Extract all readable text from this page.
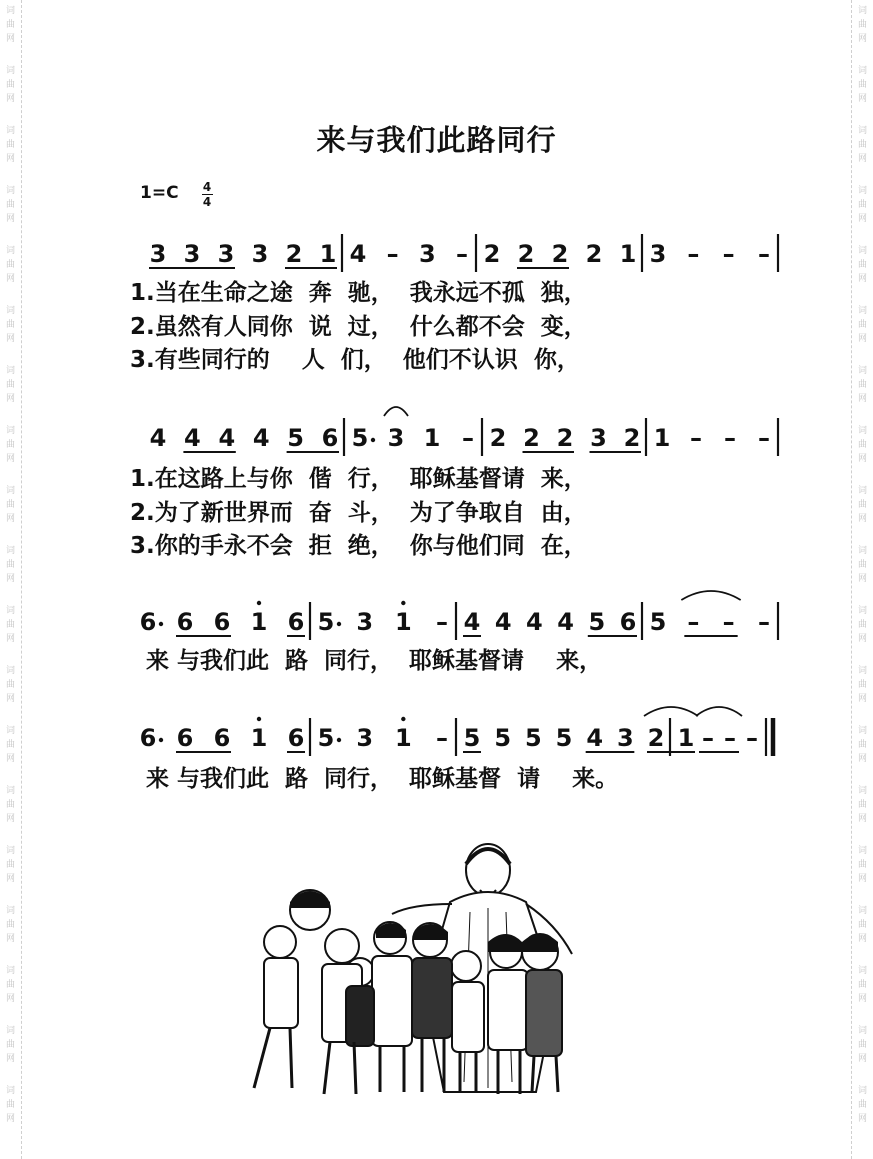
词曲网
词曲网
词曲网
词曲网
词曲网
词曲网
词曲网
词曲网
词曲网
词曲网
词曲网
词曲网
词曲网
词曲网
词曲网
词曲网
词曲网
词曲网
词曲网
词曲网
词曲网
词曲网
词曲网
词曲网
词曲网
词曲网
词曲网
词曲网
词曲网
词曲网
词曲网
词曲网
词曲网
词曲网
词曲网
词曲网
词曲网
词曲网
来与我们此路同行
1=C 4
4
3 3 3 3 2 1 4 – 3 – 2 2 2 2 1 3 – – –
1.当在生命之途  奔  驰，  我永远不孤  独，
2.虽然有人同你  说  过，  什么都不会  变，
3.有些同行的    人  们，  他们不认识  你，
4 4 4 4 5 6 5 3 1 – 2 2 2 3 2 1 – – –
1.在这路上与你  偕  行，  耶稣基督请  来，
2.为了新世界而  奋  斗，  为了争取自  由，
3.你的手永不会  拒  绝，  你与他们同  在，
6 6 6 1 6 5 3 1 – 4 4 4 4 5 6 5 – – –
来 与我们此  路  同行，  耶稣基督请    来，
6 6 6 1 6 5 3 1 – 5 5 5 5 4 3 2 1 – – –
来 与我们此  路  同行，  耶稣基督  请    来。
